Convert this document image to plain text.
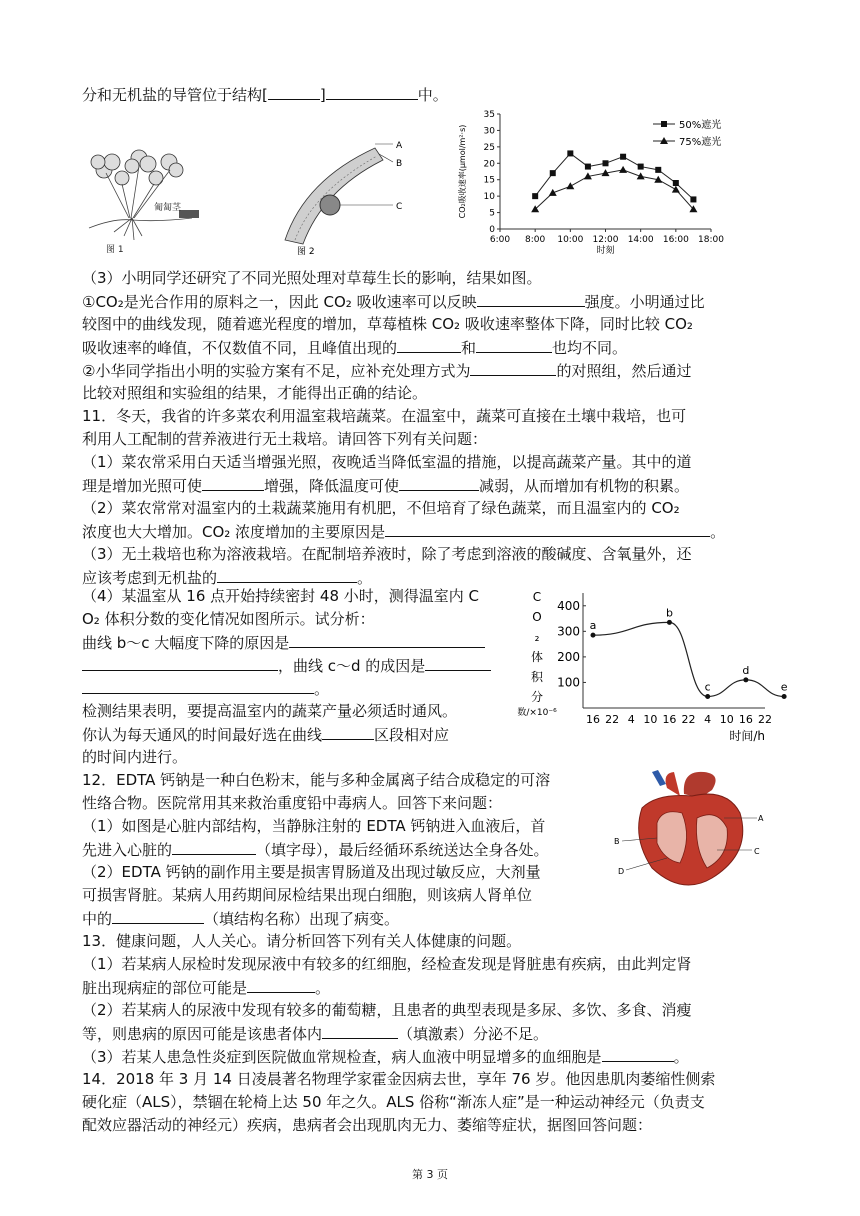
分和无机盐的导管位于结构[	]	中。
匍匐茎
图 1
A
B
C
图 2
0
5
10
15
20
25
30
35
6:00 8:00 10:00 12:00 14:00 16:00 18:00
时刻
CO₂吸收速率(μmol/m²·s)	50%遮光
75%遮光
（3）小明同学还研究了不同光照处理对草莓生长的影响，结果如图。
①CO₂是光合作用的原料之一，因此 CO₂ 吸收速率可以反映	强度。小明通过比
较图中的曲线发现，随着遮光程度的增加，草莓植株 CO₂ 吸收速率整体下降，同时比较 CO₂
吸收速率的峰值，不仅数值不同，且峰值出现的	和	也均不同。
②小华同学指出小明的实验方案有不足，应补充处理方式为	的对照组，然后通过
比较对照组和实验组的结果，才能得出正确的结论。
11．冬天，我省的许多菜农利用温室栽培蔬菜。在温室中，蔬菜可直接在土壤中栽培，也可
利用人工配制的营养液进行无土栽培。请回答下列有关问题：
（1）菜农常采用白天适当增强光照，夜晚适当降低室温的措施，以提高蔬菜产量。其中的道
理是增加光照可使	增强，降低温度可使	减弱，从而增加有机物的积累。
（2）菜农常常对温室内的土栽蔬菜施用有机肥，不但培育了绿色蔬菜，而且温室内的 CO₂
浓度也大大增加。CO₂ 浓度增加的主要原因是	。
（3）无土栽培也称为溶液栽培。在配制培养液时，除了考虑到溶液的酸碱度、含氧量外，还
应该考虑到无机盐的	。
（4）某温室从 16 点开始持续密封 48 小时，测得温室内 C
O₂ 体积分数的变化情况如图所示。试分析：
曲线 b～c 大幅度下降的原因是
，曲线 c～d 的成因是
。
检测结果表明，要提高温室内的蔬菜产量必须适时通风。
你认为每天通风的时间最好选在曲线	区段相对应
的时间内进行。
100
200
300
400
16 22 4 10 16 22 4 10 16 22
时间/h
C
O
₂
体
积
分
数/×10⁻⁶
a
b
c
d
e
12．EDTA 钙钠是一种白色粉末，能与多种金属离子结合成稳定的可溶
性络合物。医院常用其来救治重度铅中毒病人。回答下来问题：
（1）如图是心脏内部结构，当静脉注射的 EDTA 钙钠进入血液后，首
先进入心脏的	（填字母），最后经循环系统送达全身各处。
（2）EDTA 钙钠的副作用主要是损害胃肠道及出现过敏反应，大剂量
可损害肾脏。某病人用药期间尿检结果出现白细胞，则该病人肾单位
中的	（填结构名称）出现了病变。
A
B
C
D
13．健康问题，人人关心。请分析回答下列有关人体健康的问题。
（1）若某病人尿检时发现尿液中有较多的红细胞，经检查发现是肾脏患有疾病，由此判定肾
脏出现病症的部位可能是	。
（2）若某病人的尿液中发现有较多的葡萄糖，且患者的典型表现是多尿、多饮、多食、消瘦
等，则患病的原因可能是该患者体内	（填激素）分泌不足。
（3）若某人患急性炎症到医院做血常规检查，病人血液中明显增多的血细胞是	。
14．2018 年 3 月 14 日凌晨著名物理学家霍金因病去世，享年 76 岁。他因患肌肉萎缩性侧索
硬化症（ALS），禁锢在轮椅上达 50 年之久。ALS 俗称“渐冻人症”是一种运动神经元（负责支
配效应器活动的神经元）疾病，患病者会出现肌肉无力、萎缩等症状，据图回答问题：
第 3 页
